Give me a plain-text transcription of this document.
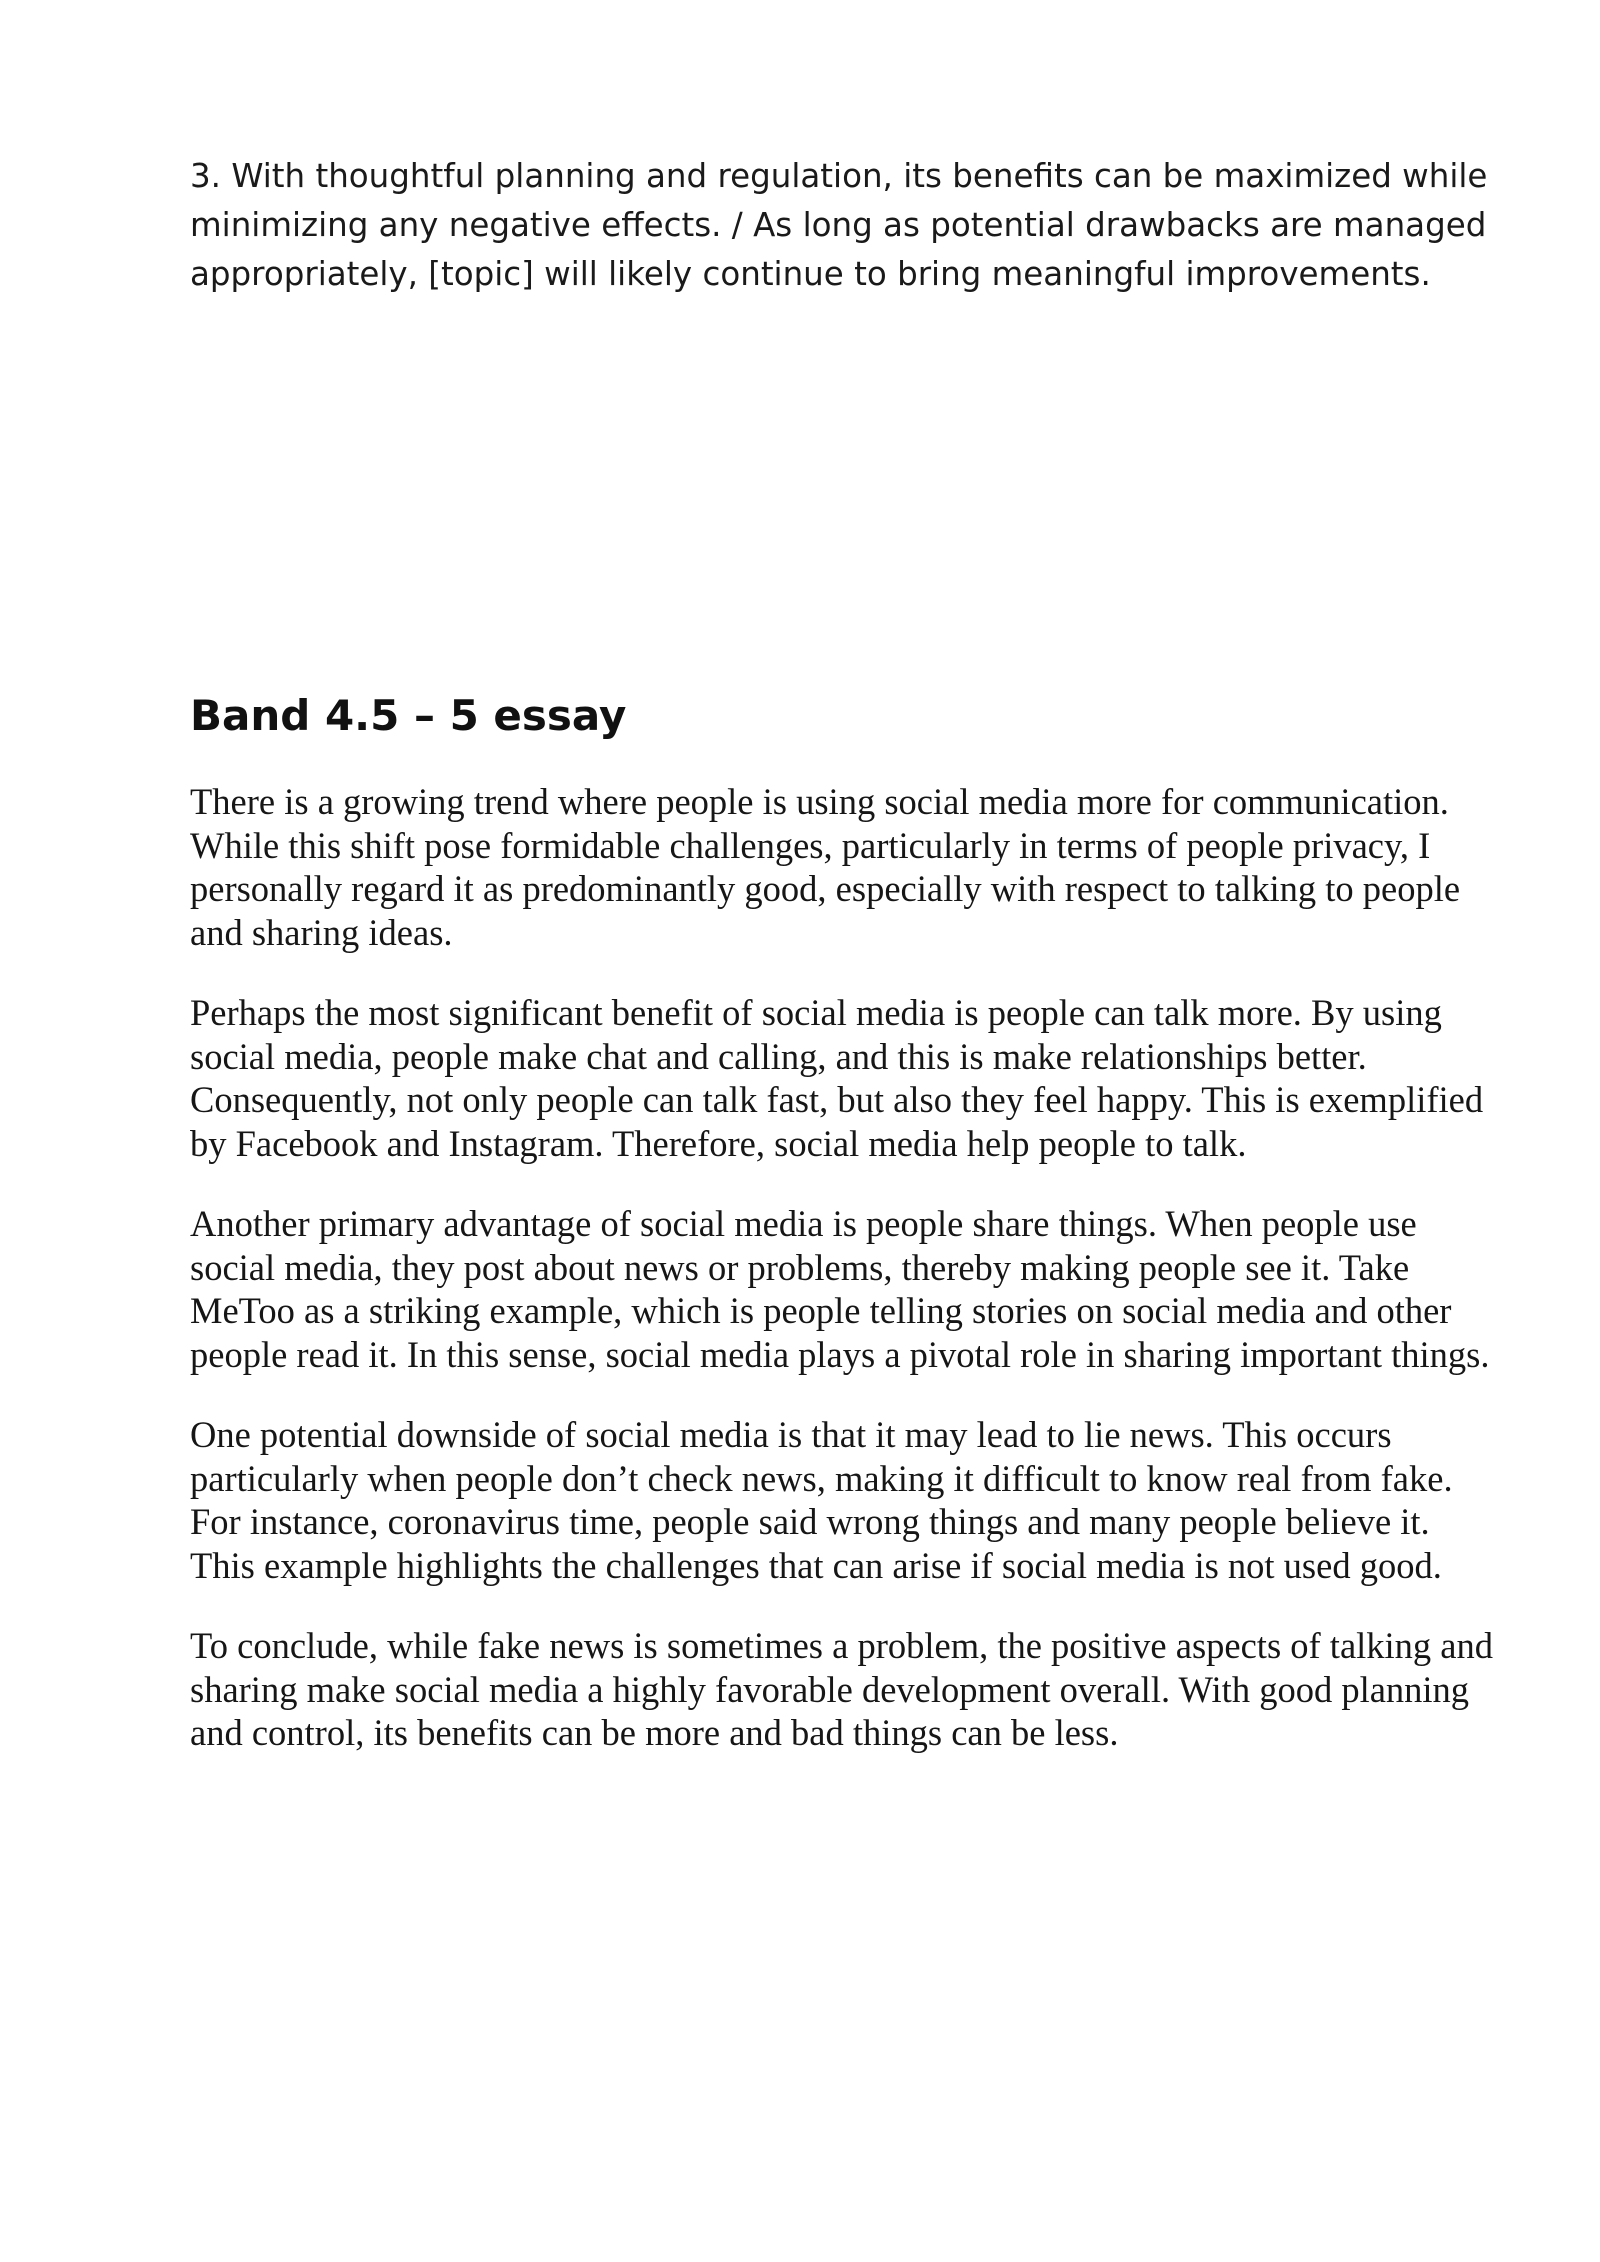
3. With thoughtful planning and regulation, its benefits can be maximized while minimizing any negative effects. / As long as potential drawbacks are managed appropriately, [topic] will likely continue to bring meaningful improvements.

Band 4.5 – 5 essay

There is a growing trend where people is using social media more for communication. While this shift pose formidable challenges, particularly in terms of people privacy, I personally regard it as predominantly good, especially with respect to talking to people and sharing ideas.

Perhaps the most significant benefit of social media is people can talk more. By using social media, people make chat and calling, and this is make relationships better. Consequently, not only people can talk fast, but also they feel happy. This is exemplified by Facebook and Instagram. Therefore, social media help people to talk.

Another primary advantage of social media is people share things. When people use social media, they post about news or problems, thereby making people see it. Take MeToo as a striking example, which is people telling stories on social media and other people read it. In this sense, social media plays a pivotal role in sharing important things.

One potential downside of social media is that it may lead to lie news. This occurs particularly when people don’t check news, making it difficult to know real from fake. For instance, coronavirus time, people said wrong things and many people believe it. This example highlights the challenges that can arise if social media is not used good.

To conclude, while fake news is sometimes a problem, the positive aspects of talking and sharing make social media a highly favorable development overall. With good planning and control, its benefits can be more and bad things can be less.
